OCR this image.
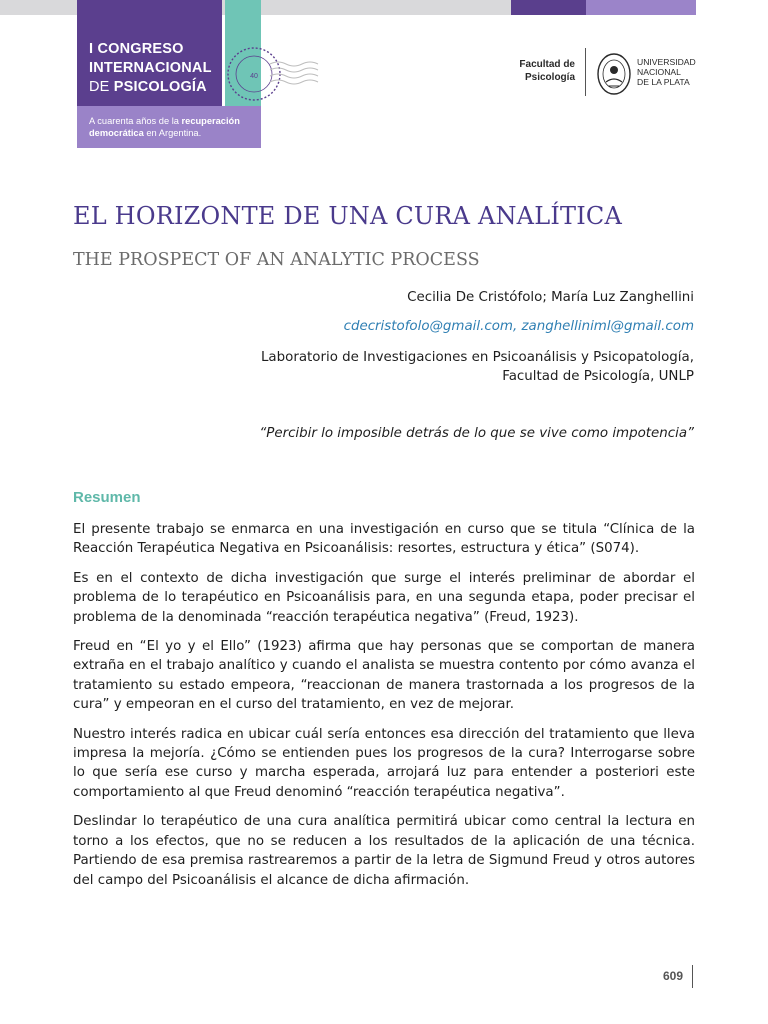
I CONGRESO
INTERNACIONAL
DE PSICOLOGÍA
40
A cuarenta años de la recuperación
democrática en Argentina.
Facultad de
Psicología
UNIVERSIDAD
NACIONAL
DE LA PLATA
EL HORIZONTE DE UNA CURA ANALÍTICA
THE PROSPECT OF AN ANALYTIC PROCESS
Cecilia De Cristófolo; María Luz Zanghellini
cdecristofolo@gmail.com, zanghelliniml@gmail.com
Laboratorio de Investigaciones en Psicoanálisis y Psicopatología,
Facultad de Psicología, UNLP
“Percibir lo imposible detrás de lo que se vive como impotencia”
Resumen

El presente trabajo se enmarca en una investigación en curso que se titula “Clínica de la Reacción Terapéutica Negativa en Psicoanálisis: resortes, estructura y ética” (S074).

Es en el contexto de dicha investigación que surge el interés preliminar de abordar el problema de lo terapéutico en Psicoanálisis para, en una segunda etapa, poder precisar el problema de la denominada “reacción terapéutica negativa” (Freud, 1923).

Freud en “El yo y el Ello” (1923) afirma que hay personas que se comportan de manera extraña en el trabajo analítico y cuando el analista se muestra contento por cómo avanza el tratamiento su estado empeora, “reaccionan de manera trastornada a los progresos de la cura” y empeoran en el curso del tratamiento, en vez de mejorar.

Nuestro interés radica en ubicar cuál sería entonces esa dirección del tratamiento que lleva impresa la mejoría. ¿Cómo se entienden pues los progresos de la cura? Interrogarse sobre lo que sería ese curso y marcha esperada, arrojará luz para entender a posteriori este comportamiento al que Freud denominó “reacción terapéutica negativa”.

Deslindar lo terapéutico de una cura analítica permitirá ubicar como central la lectura en torno a los efectos, que no se reducen a los resultados de la aplicación de una técnica. Partiendo de esa premisa rastrearemos a partir de la letra de Sigmund Freud y otros autores del campo del Psicoanálisis el alcance de dicha afirmación.

609
